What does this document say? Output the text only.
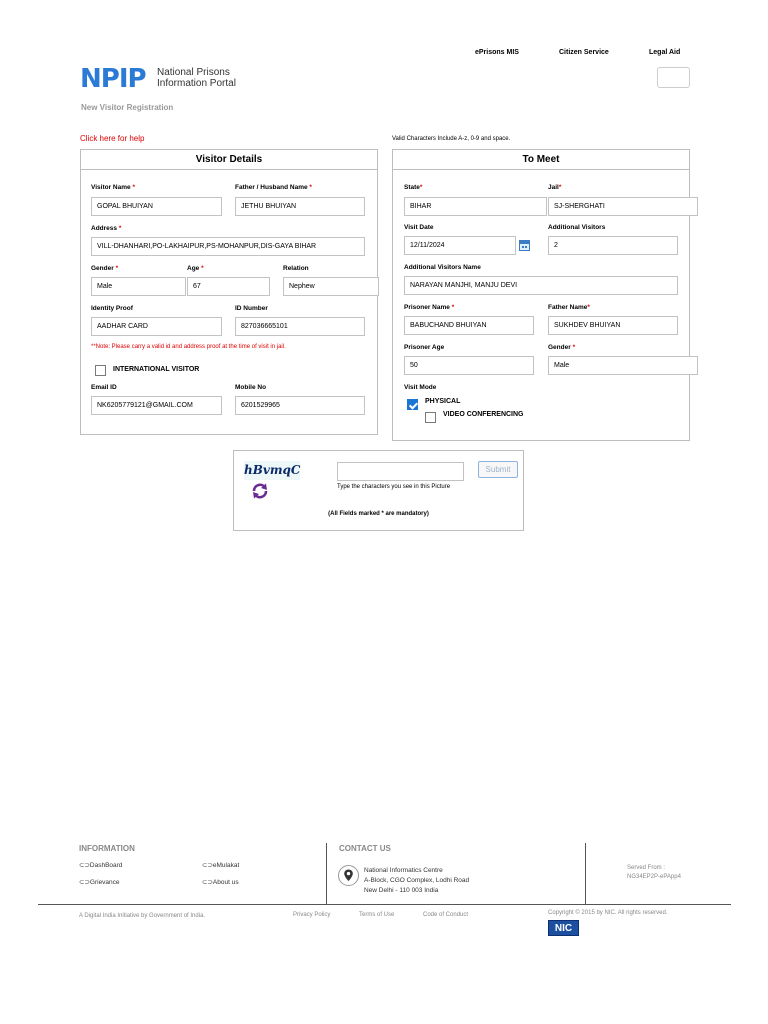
ePrisons MIS	Citizen Service	Legal Aid
NPIP National Prisons
Information Portal
New Visitor Registration
Click here for help	Valid Characters Include A-z, 0-9 and space.
Visitor Details
Visitor Name *
GOPAL BHUIYAN
Father / Husband Name *
JETHU BHUIYAN
Address *
VILL-DHANHARI,PO-LAKHAIPUR,PS-MOHANPUR,DIS-GAYA BIHAR
Gender *
Male
Age *
67
Relation
Nephew
Identity Proof
AADHAR CARD
ID Number
827036665101
**Note: Please carry a valid id and address proof at the time of visit in jail.
INTERNATIONAL VISITOR
Email ID
NK6205779121@GMAIL.COM
Mobile No
6201529965
To Meet
State*
BIHAR
Jail*
SJ-SHERGHATI
Visit Date
12/11/2024
Additional Visitors
2
Additional Visitors Name
NARAYAN MANJHI, MANJU DEVI
Prisoner Name *
BABUCHAND BHUIYAN
Father Name*
SUKHDEV BHUIYAN
Prisoner Age
50
Gender *
Male
Visit Mode
PHYSICAL
VIDEO CONFERENCING
hBvmqC	Submit
Type the characters you see in this Picture
(All Fields marked * are mandatory)
INFORMATION
⊂⊃DashBoard	⊂⊃eMulakat
⊂⊃Grievance	⊂⊃About us
CONTACT US
National Informatics Centre
A-Block, CGO Complex, Lodhi Road
New Delhi - 110 003 India
Served From :
NG34EP2P-ePApp4
A Digital India Initiative by Government of India.	Privacy Policy	Terms of Use	Code of Conduct	Copyright © 2015 by NIC. All rights reserved.
NIC
